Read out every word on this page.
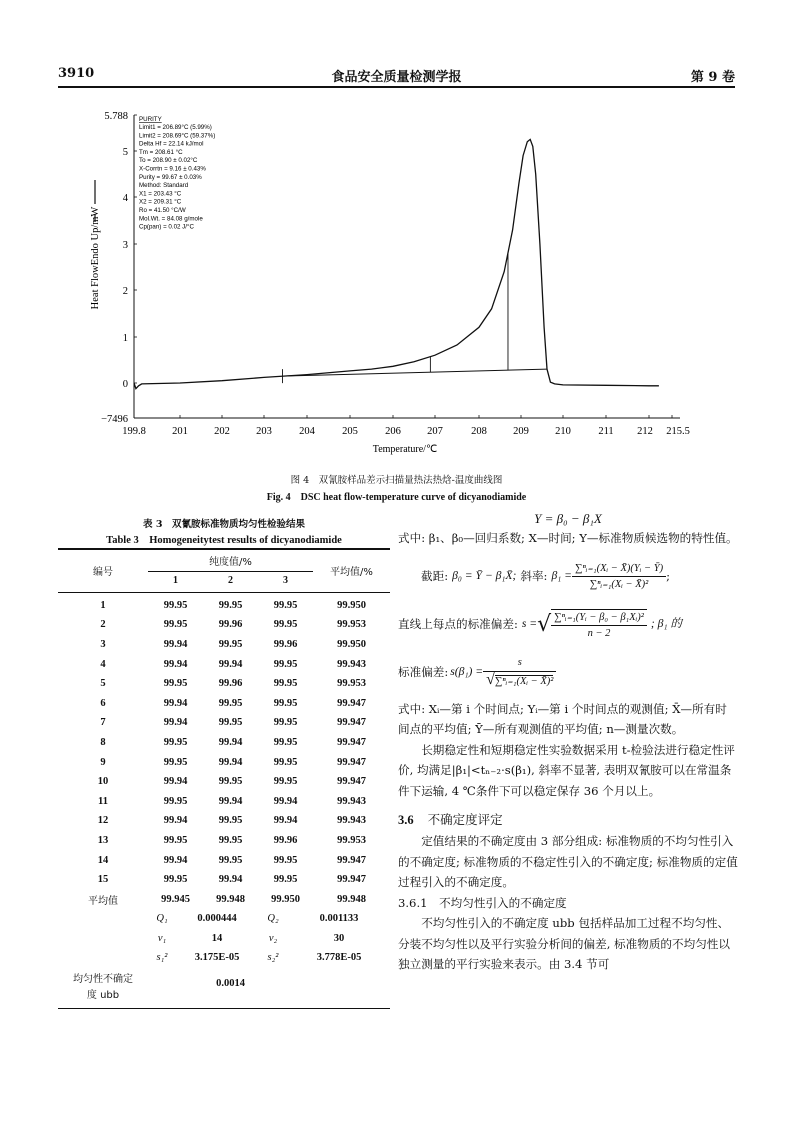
3910	食品安全质量检测学报	第 9 卷
199.8	201	202	203	204	205	206	207	208	209	210	211 212 215.5
5.788
5
4
3
2
1
0
−7496
PURITY
Limit1 = 206.89°C (5.99%)
Limit2 = 208.69°C (59.37%)
Delta Hf = 22.14 kJ/mol
Tm = 208.61 °C
To = 208.90 ± 0.02°C
X-Corrtn = 9.16 ± 0.43%
Purity = 99.67 ± 0.03%
Method: Standard
X1 = 203.43 °C
X2 = 209.31 °C
Ro = 41.50 °C/W
Mol.Wt. = 84.08 g/mole
Cp(pan) = 0.02 J/°C
Temperature/℃
Heat FlowEndo Up/mW
图 4　双氰胺样品差示扫描量热法热焓-温度曲线图
Fig. 4　DSC heat flow-temperature curve of dicyanodiamide
表 3　双氰胺标准物质均匀性检验结果
Table 3　Homogeneitytest results of dicyanodiamide
编号
纯度值/%
1	2	3
平均值/%
1	99.95	99.95	99.95	99.950
2	99.95	99.96	99.95	99.953
3	99.94	99.95	99.96	99.950
4	99.94	99.94	99.95	99.943
5	99.95	99.96	99.95	99.953
6	99.94	99.95	99.95	99.947
7	99.94	99.95	99.95	99.947
8	99.95	99.94	99.95	99.947
9	99.95	99.94	99.95	99.947
10	99.94	99.95	99.95	99.947
11	99.95	99.94	99.94	99.943
12	99.94	99.95	99.94	99.943
13	99.95	99.95	99.96	99.953
14	99.94	99.95	99.95	99.947
15	99.95	99.94	99.95	99.947
平均值	99.945	99.948	99.950	99.948
	Q₁	0.000444	Q₂	0.001133
	ν₁	14	ν₂	30
	s₁²	3.175E-05	s₂²	3.778E-05
均匀性不确定
度 ubb
0.0014
Y = β₀ − β₁X
式中: β₁、β₀—回归系数; X—时间; Y—标准物质候选物的特性值。
截距: β₀ = Ȳ − β₁X̄; 斜率: $\beta_1 = \frac{\text{∑ⁿᵢ₌₁(Xᵢ − X̄)(Yᵢ − Ȳ)}}{\text{∑ⁿᵢ₌₁(Xᵢ − X̄)²}}$ ;
直线上每点的标准偏差: s = √ $\frac{\text{∑ⁿᵢ₌₁(Yᵢ − β₀ − β₁Xᵢ)²}}{n - 2}$ ; β₁ 的
标准偏差: $s(\beta_1) = \frac{s}{\text{√∑ⁿᵢ₌₁(Xᵢ − X̄)²}}$
式中: Xᵢ—第 i 个时间点; Yᵢ—第 i 个时间点的观测值; X̄—所有时间点的平均值; Ȳ—所有观测值的平均值; n—测量次数。
长期稳定性和短期稳定性实验数据采用 t-检验法进行稳定性评价, 均满足|β₁|<tₙ₋₂·s(β₁), 斜率不显著, 表明双氰胺可以在常温条件下运输, 4 ℃条件下可以稳定保存 36 个月以上。
3.6 不确定度评定
定值结果的不确定度由 3 部分组成: 标准物质的不均匀性引入的不确定度; 标准物质的不稳定性引入的不确定度; 标准物质的定值过程引入的不确定度。
3.6.1　不均匀性引入的不确定度
不均匀性引入的不确定度 ubb 包括样品加工过程不均匀性、分装不均匀性以及平行实验分析间的偏差, 标准物质的不均匀性以独立测量的平行实验来表示。由 3.4 节可
